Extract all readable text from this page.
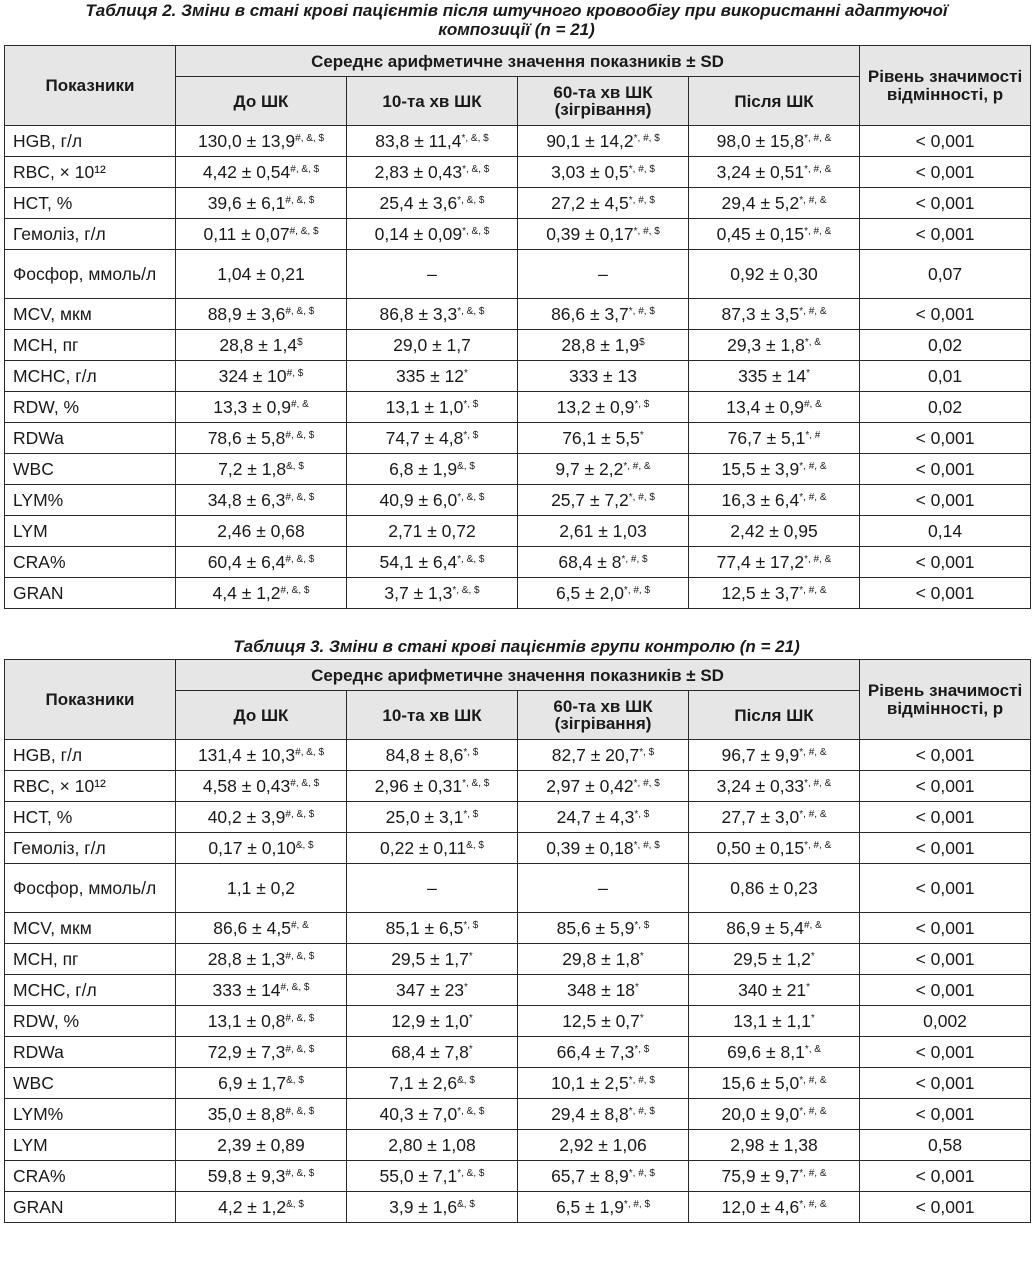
Таблиця 2. Зміни в стані крові пацієнтів після штучного кровообігу при використанні адаптуючої композиції (n = 21)

Показники	Середнє арифметичне значення показників ± SD				Рівень значимості відмінності, p
	До ШК	10-та хв ШК	60-та хв ШК (зігрівання)	Після ШК	
HGB, г/л	130,0 ± 13,9#, &, $	83,8 ± 11,4*, &, $	90,1 ± 14,2*, #, $	98,0 ± 15,8*, #, &	< 0,001
RBC, × 10¹²	4,42 ± 0,54#, &, $	2,83 ± 0,43*, &, $	3,03 ± 0,5*, #, $	3,24 ± 0,51*, #, &	< 0,001
HCT, %	39,6 ± 6,1#, &, $	25,4 ± 3,6*, &, $	27,2 ± 4,5*, #, $	29,4 ± 5,2*, #, &	< 0,001
Гемоліз, г/л	0,11 ± 0,07#, &, $	0,14 ± 0,09*, &, $	0,39 ± 0,17*, #, $	0,45 ± 0,15*, #, &	< 0,001
Фосфор, ммоль/л	1,04 ± 0,21	–	–	0,92 ± 0,30	0,07
MCV, мкм	88,9 ± 3,6#, &, $	86,8 ± 3,3*, &, $	86,6 ± 3,7*, #, $	87,3 ± 3,5*, #, &	< 0,001
MCH, пг	28,8 ± 1,4$	29,0 ± 1,7	28,8 ± 1,9$	29,3 ± 1,8*, &	0,02
MCHC, г/л	324 ± 10#, $	335 ± 12*	333 ± 13	335 ± 14*	0,01
RDW, %	13,3 ± 0,9#, &	13,1 ± 1,0*, $	13,2 ± 0,9*, $	13,4 ± 0,9#, &	0,02
RDWa	78,6 ± 5,8#, &, $	74,7 ± 4,8*, $	76,1 ± 5,5*	76,7 ± 5,1*, #	< 0,001
WBC	7,2 ± 1,8&, $	6,8 ± 1,9&, $	9,7 ± 2,2*, #, &	15,5 ± 3,9*, #, &	< 0,001
LYM%	34,8 ± 6,3#, &, $	40,9 ± 6,0*, &, $	25,7 ± 7,2*, #, $	16,3 ± 6,4*, #, &	< 0,001
LYM	2,46 ± 0,68	2,71 ± 0,72	2,61 ± 1,03	2,42 ± 0,95	0,14
CRA%	60,4 ± 6,4#, &, $	54,1 ± 6,4*, &, $	68,4 ± 8*, #, $	77,4 ± 17,2*, #, &	< 0,001
GRAN	4,4 ± 1,2#, &, $	3,7 ± 1,3*, &, $	6,5 ± 2,0*, #, $	12,5 ± 3,7*, #, &	< 0,001

Таблиця 3. Зміни в стані крові пацієнтів групи контролю (n = 21)

Показники	Середнє арифметичне значення показників ± SD				Рівень значимості відмінності, p
	До ШК	10-та хв ШК	60-та хв ШК (зігрівання)	Після ШК	
HGB, г/л	131,4 ± 10,3#, &, $	84,8 ± 8,6*, $	82,7 ± 20,7*, $	96,7 ± 9,9*, #, &	< 0,001
RBC, × 10¹²	4,58 ± 0,43#, &, $	2,96 ± 0,31*, &, $	2,97 ± 0,42*, #, $	3,24 ± 0,33*, #, &	< 0,001
HCT, %	40,2 ± 3,9#, &, $	25,0 ± 3,1*, $	24,7 ± 4,3*, $	27,7 ± 3,0*, #, &	< 0,001
Гемоліз, г/л	0,17 ± 0,10&, $	0,22 ± 0,11&, $	0,39 ± 0,18*, #, $	0,50 ± 0,15*, #, &	< 0,001
Фосфор, ммоль/л	1,1 ± 0,2	–	–	0,86 ± 0,23	< 0,001
MCV, мкм	86,6 ± 4,5#, &	85,1 ± 6,5*, $	85,6 ± 5,9*, $	86,9 ± 5,4#, &	< 0,001
MCH, пг	28,8 ± 1,3#, &, $	29,5 ± 1,7*	29,8 ± 1,8*	29,5 ± 1,2*	< 0,001
MCHC, г/л	333 ± 14#, &, $	347 ± 23*	348 ± 18*	340 ± 21*	< 0,001
RDW, %	13,1 ± 0,8#, &, $	12,9 ± 1,0*	12,5 ± 0,7*	13,1 ± 1,1*	0,002
RDWa	72,9 ± 7,3#, &, $	68,4 ± 7,8*	66,4 ± 7,3*, $	69,6 ± 8,1*, &	< 0,001
WBC	6,9 ± 1,7&, $	7,1 ± 2,6&, $	10,1 ± 2,5*, #, $	15,6 ± 5,0*, #, &	< 0,001
LYM%	35,0 ± 8,8#, &, $	40,3 ± 7,0*, &, $	29,4 ± 8,8*, #, $	20,0 ± 9,0*, #, &	< 0,001
LYM	2,39 ± 0,89	2,80 ± 1,08	2,92 ± 1,06	2,98 ± 1,38	0,58
CRA%	59,8 ± 9,3#, &, $	55,0 ± 7,1*, &, $	65,7 ± 8,9*, #, $	75,9 ± 9,7*, #, &	< 0,001
GRAN	4,2 ± 1,2&, $	3,9 ± 1,6&, $	6,5 ± 1,9*, #, $	12,0 ± 4,6*, #, &	< 0,001
